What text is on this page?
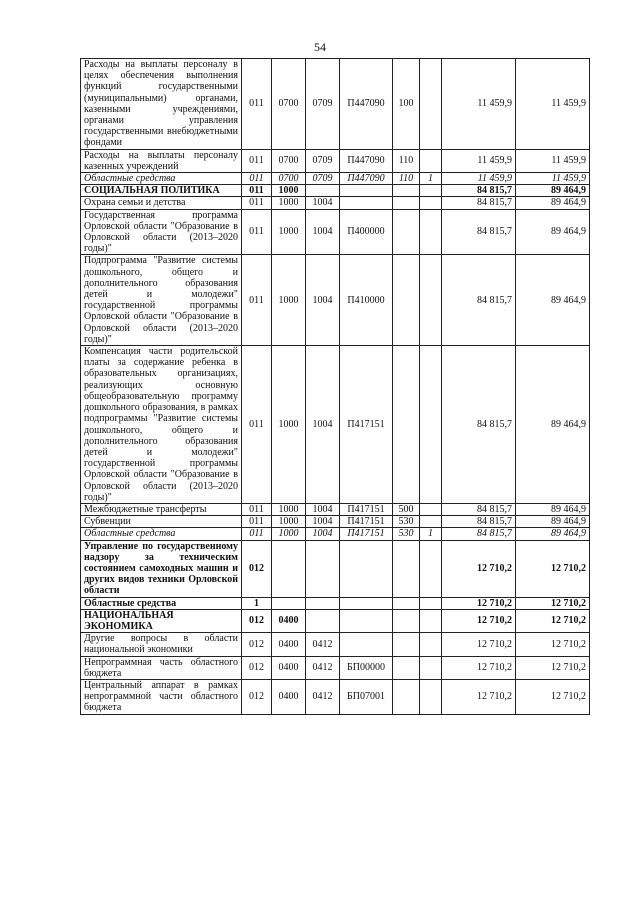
54
Расходы на выплаты персоналу в целях обеспечения выполнения функций государственными (муниципальными) органами, казенными учреждениями, органами управления государственными внебюджетными фондами	011	0700	0709	П447090	100		11 459,9	11 459,9
Расходы на выплаты персоналу казенных учреждений	011	0700	0709	П447090	110		11 459,9	11 459,9
Областные средства	011	0700	0709	П447090	110	1	11 459,9	11 459,9
СОЦИАЛЬНАЯ ПОЛИТИКА	011	1000					84 815,7	89 464,9
Охрана семьи и детства	011	1000	1004				84 815,7	89 464,9
Государственная программа Орловской области "Образование в Орловской области (2013–2020 годы)"	011	1000	1004	П400000			84 815,7	89 464,9
Подпрограмма "Развитие системы дошкольного, общего и дополнительного образования детей и молодежи" государственной программы Орловской области "Образование в Орловской области (2013–2020 годы)"	011	1000	1004	П410000			84 815,7	89 464,9
Компенсация части родительской платы за содержание ребенка в образовательных организациях, реализующих основную общеобразовательную программу дошкольного образования, в рамках подпрограммы "Развитие системы дошкольного, общего и дополнительного образования детей и молодежи" государственной программы Орловской области "Образование в Орловской области (2013–2020 годы)"	011	1000	1004	П417151			84 815,7	89 464,9
Межбюджетные трансферты	011	1000	1004	П417151	500		84 815,7	89 464,9
Субвенции	011	1000	1004	П417151	530		84 815,7	89 464,9
Областные средства	011	1000	1004	П417151	530	1	84 815,7	89 464,9
Управление по государственному надзору за техническим состоянием самоходных машин и других видов техники Орловской области	012						12 710,2	12 710,2
Областные средства	1						12 710,2	12 710,2
НАЦИОНАЛЬНАЯ ЭКОНОМИКА	012	0400					12 710,2	12 710,2
Другие вопросы в области национальной экономики	012	0400	0412				12 710,2	12 710,2
Непрограммная часть областного бюджета	012	0400	0412	БП00000			12 710,2	12 710,2
Центральный аппарат в рамках непрограммной части областного бюджета	012	0400	0412	БП07001			12 710,2	12 710,2
